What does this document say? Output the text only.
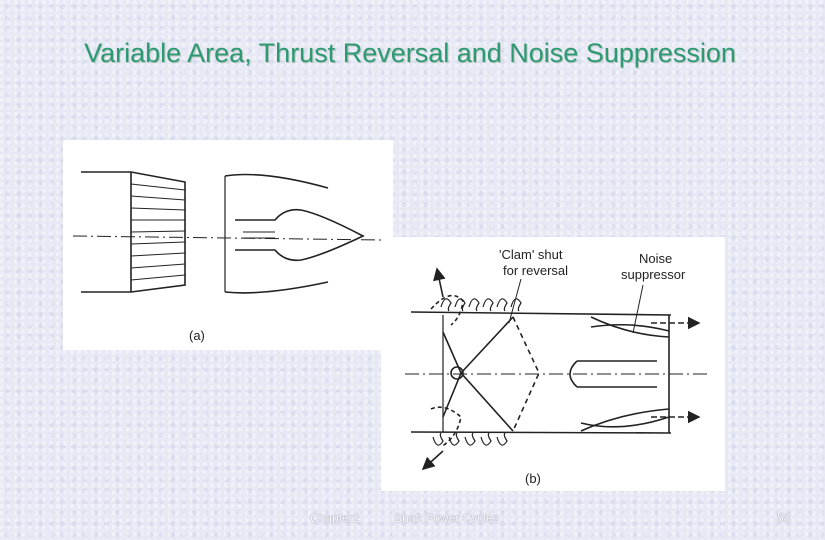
Variable Area, Thrust Reversal and Noise Suppression
(a)
'Clam' shut
for reversal
Noise
suppressor
(b)
Chapter2	Shaft Power Cycles	58
